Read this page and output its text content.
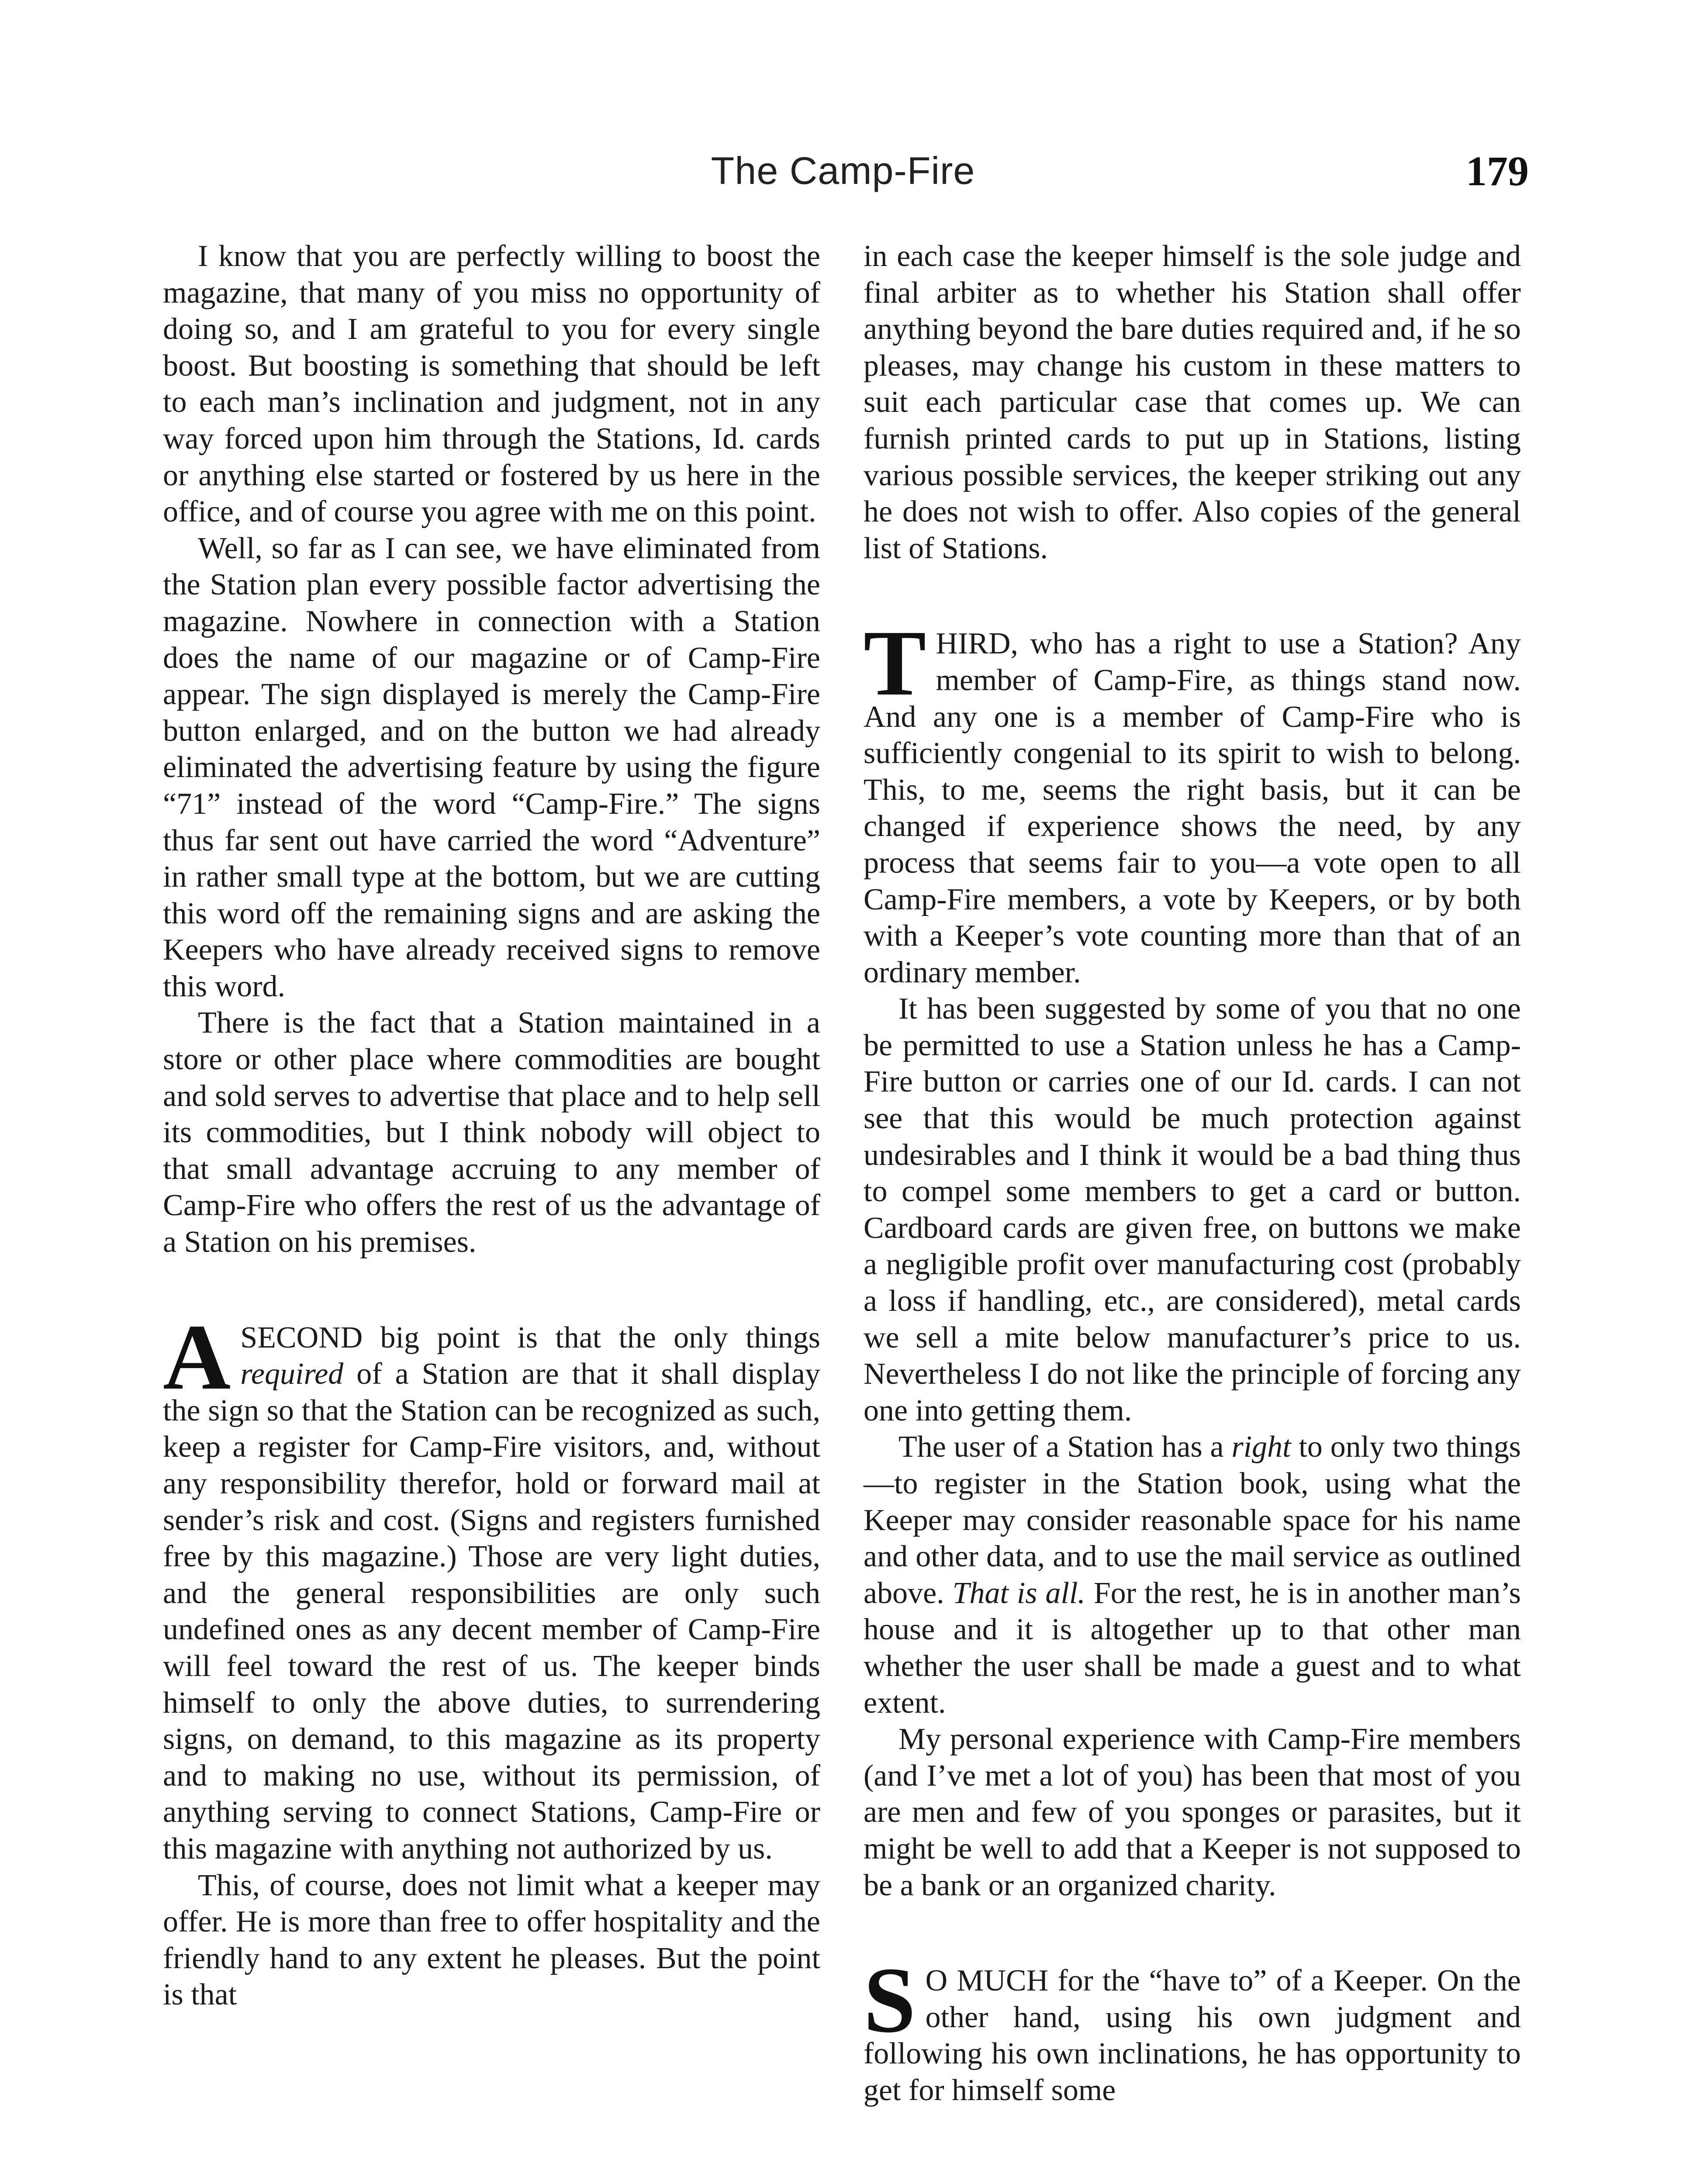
The Camp-Fire	179

I know that you are perfectly willing to boost the magazine, that many of you miss no opportunity of doing so, and I am grateful to you for every single boost. But boosting is something that should be left to each man’s inclination and judgment, not in any way forced upon him through the Stations, Id. cards or anything else started or fostered by us here in the office, and of course you agree with me on this point.

Well, so far as I can see, we have eliminated from the Station plan every possible factor advertising the magazine. Nowhere in connection with a Station does the name of our magazine or of Camp-Fire appear. The sign displayed is merely the Camp-Fire button enlarged, and on the button we had already eliminated the advertising feature by using the figure “71” instead of the word “Camp-Fire.” The signs thus far sent out have carried the word “Adventure” in rather small type at the bottom, but we are cutting this word off the remaining signs and are asking the Keepers who have already received signs to remove this word.

There is the fact that a Station maintained in a store or other place where commodities are bought and sold serves to advertise that place and to help sell its commodities, but I think nobody will object to that small advantage accruing to any member of Camp-Fire who offers the rest of us the advantage of a Station on his premises.

ASECOND big point is that the only things required of a Station are that it shall display the sign so that the Station can be recognized as such, keep a register for Camp-Fire visitors, and, without any responsibility therefor, hold or forward mail at sender’s risk and cost. (Signs and registers furnished free by this magazine.) Those are very light duties, and the general responsibilities are only such undefined ones as any decent member of Camp-Fire will feel toward the rest of us. The keeper binds himself to only the above duties, to surrendering signs, on demand, to this magazine as its property and to making no use, without its permission, of anything serving to connect Stations, Camp-Fire or this magazine with anything not authorized by us.

This, of course, does not limit what a keeper may offer. He is more than free to offer hospitality and the friendly hand to any extent he pleases. But the point is that

in each case the keeper himself is the sole judge and final arbiter as to whether his Station shall offer anything beyond the bare duties required and, if he so pleases, may change his custom in these matters to suit each particular case that comes up. We can furnish printed cards to put up in Stations, listing various possible services, the keeper striking out any he does not wish to offer. Also copies of the general list of Stations.

THIRD, who has a right to use a Station? Any member of Camp-Fire, as things stand now. And any one is a member of Camp-Fire who is sufficiently congenial to its spirit to wish to belong. This, to me, seems the right basis, but it can be changed if experience shows the need, by any process that seems fair to you—a vote open to all Camp-Fire members, a vote by Keepers, or by both with a Keeper’s vote counting more than that of an ordinary member.

It has been suggested by some of you that no one be permitted to use a Station unless he has a Camp-Fire button or carries one of our Id. cards. I can not see that this would be much protection against undesirables and I think it would be a bad thing thus to compel some members to get a card or button. Cardboard cards are given free, on buttons we make a negligible profit over manufacturing cost (probably a loss if handling, etc., are considered), metal cards we sell a mite below manufacturer’s price to us. Nevertheless I do not like the principle of forcing any one into getting them.

The user of a Station has a right to only two things—to register in the Station book, using what the Keeper may consider reasonable space for his name and other data, and to use the mail service as outlined above. That is all. For the rest, he is in another man’s house and it is altogether up to that other man whether the user shall be made a guest and to what extent.

My personal experience with Camp-Fire members (and I’ve met a lot of you) has been that most of you are men and few of you sponges or parasites, but it might be well to add that a Keeper is not supposed to be a bank or an organized charity.

S O MUCH for the “have to” of a Keeper. On the other hand, using his own judgment and following his own inclinations, he has opportunity to get for himself some
